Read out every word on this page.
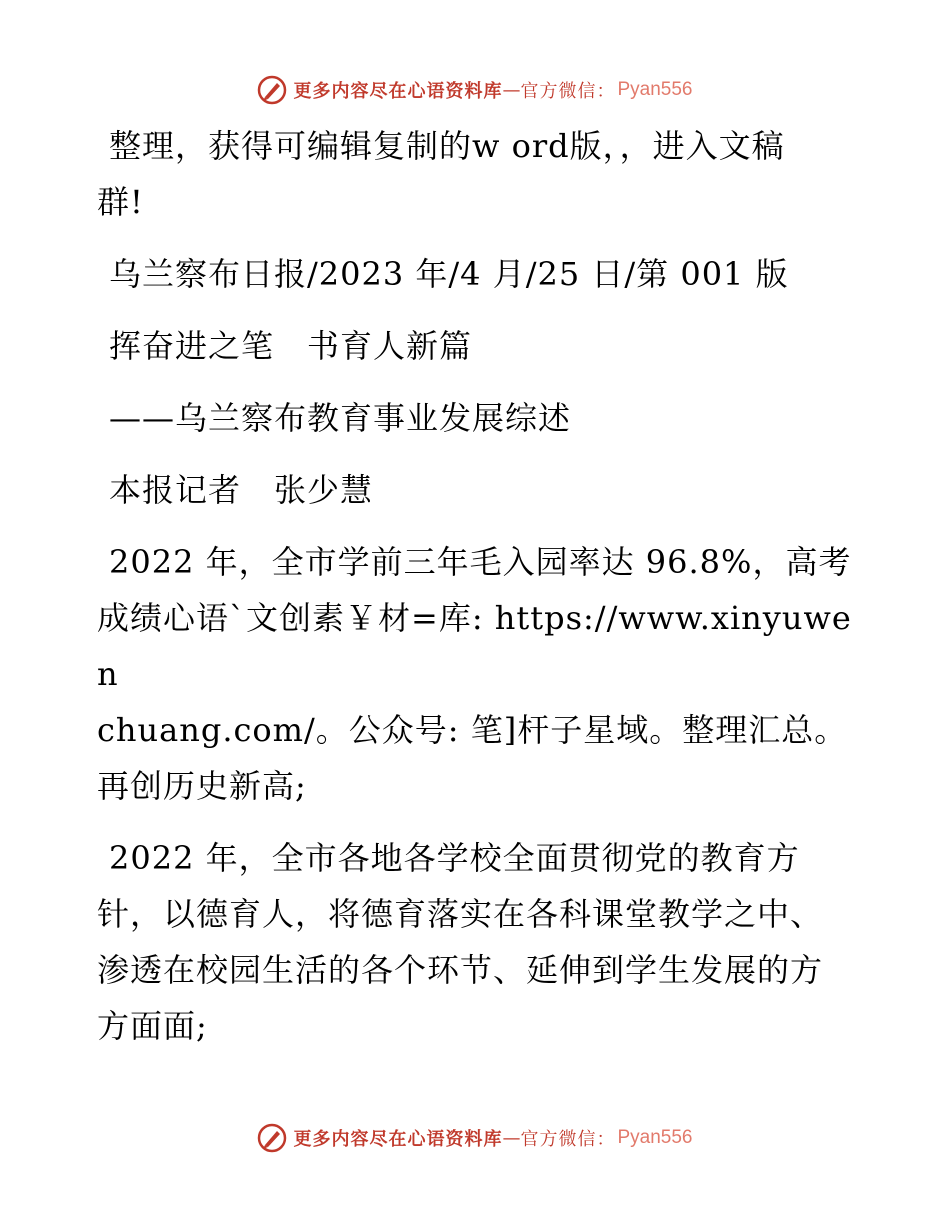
更多内容尽在心语资料库 — 官方微信： Pyan556
整理，获得可编辑复制的w ord版，，进入文稿
群!
乌兰察布日报/2023 年/4 月/25 日/第 001 版
挥奋进之笔　书育人新篇
——乌兰察布教育事业发展综述
本报记者　张少慧
2022 年，全市学前三年毛入园率达 96.8%，高考
成绩心语`文创素￥材=库: https://www.xinyuwen
chuang.com/。公众号: 笔]杆子星域。整理汇总。
再创历史新高;
2022 年，全市各地各学校全面贯彻党的教育方
针，以德育人，将德育落实在各科课堂教学之中、
渗透在校园生活的各个环节、延伸到学生发展的方
方面面;
更多内容尽在心语资料库 — 官方微信： Pyan556
